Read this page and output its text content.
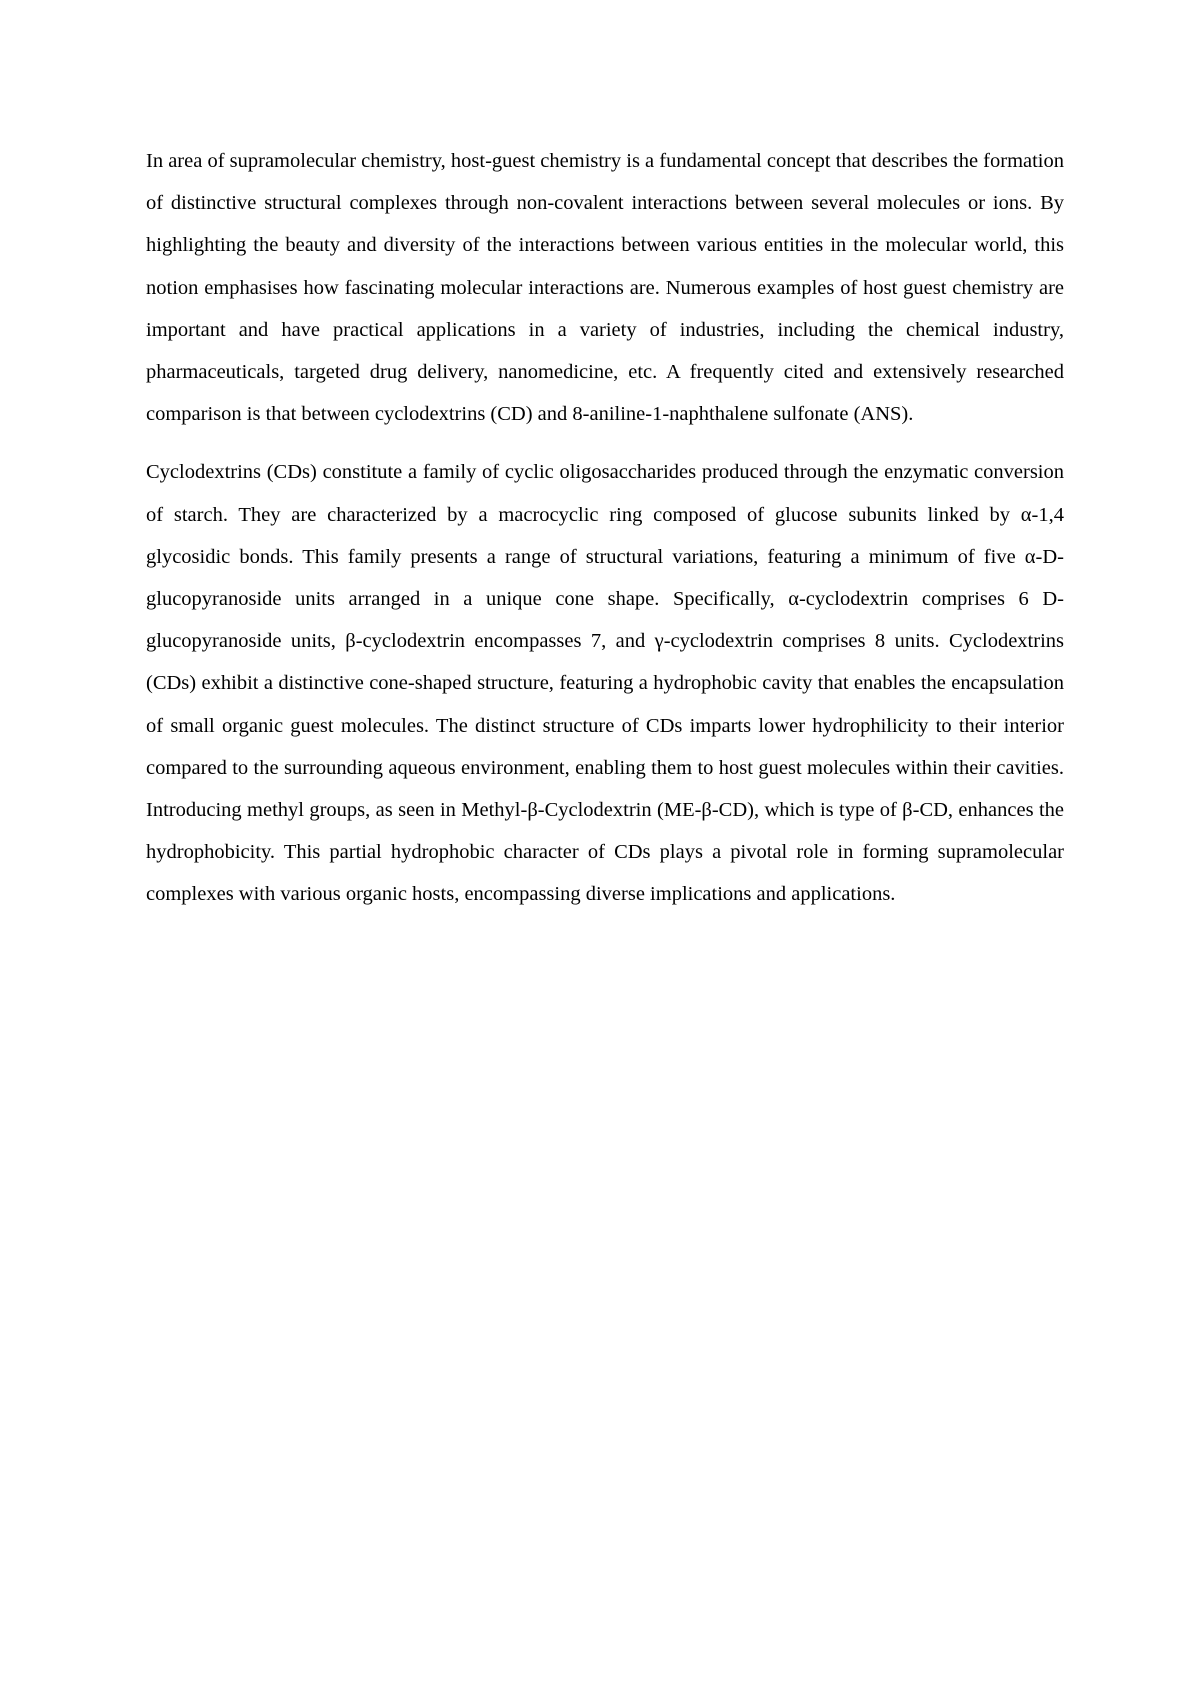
In area of supramolecular chemistry, host-guest chemistry is a fundamental concept that describes the formation of distinctive structural complexes through non-covalent interactions between several molecules or ions. By highlighting the beauty and diversity of the interactions between various entities in the molecular world, this notion emphasises how fascinating molecular interactions are. Numerous examples of host guest chemistry are important and have practical applications in a variety of industries, including the chemical industry, pharmaceuticals, targeted drug delivery, nanomedicine, etc. A frequently cited and extensively researched comparison is that between cyclodextrins (CD) and 8-aniline-1-naphthalene sulfonate (ANS).

Cyclodextrins (CDs) constitute a family of cyclic oligosaccharides produced through the enzymatic conversion of starch. They are characterized by a macrocyclic ring composed of glucose subunits linked by α-1,4 glycosidic bonds. This family presents a range of structural variations, featuring a minimum of five α-D-glucopyranoside units arranged in a unique cone shape. Specifically, α-cyclodextrin comprises 6 D-glucopyranoside units, β-cyclodextrin encompasses 7, and γ-cyclodextrin comprises 8 units. Cyclodextrins (CDs) exhibit a distinctive cone-shaped structure, featuring a hydrophobic cavity that enables the encapsulation of small organic guest molecules. The distinct structure of CDs imparts lower hydrophilicity to their interior compared to the surrounding aqueous environment, enabling them to host guest molecules within their cavities. Introducing methyl groups, as seen in Methyl-β-Cyclodextrin (ME-β-CD), which is type of β-CD, enhances the hydrophobicity. This partial hydrophobic character of CDs plays a pivotal role in forming supramolecular complexes with various organic hosts, encompassing diverse implications and applications.
